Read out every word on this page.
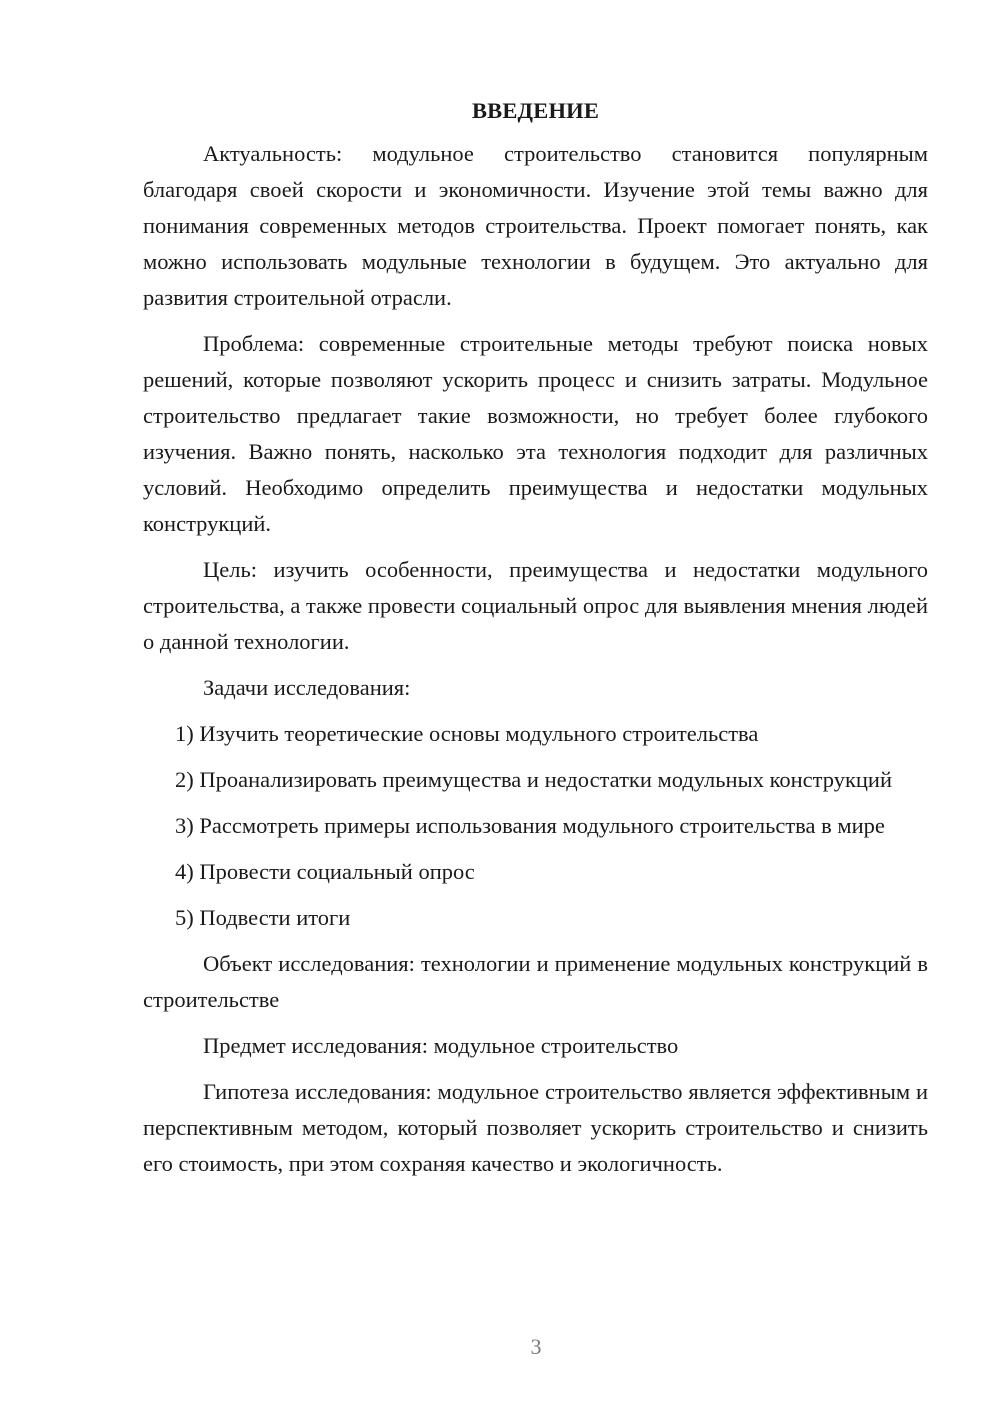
ВВЕДЕНИЕ

Актуальность: модульное строительство становится популярным благодаря своей скорости и экономичности. Изучение этой темы важно для понимания современных методов строительства. Проект помогает понять, как можно использовать модульные технологии в будущем. Это актуально для развития строительной отрасли.

Проблема: современные строительные методы требуют поиска новых решений, которые позволяют ускорить процесс и снизить затраты. Модульное строительство предлагает такие возможности, но требует более глубокого изучения. Важно понять, насколько эта технология подходит для различных условий. Необходимо определить преимущества и недостатки модульных конструкций.

Цель: изучить особенности, преимущества и недостатки модульного строительства, а также провести социальный опрос для выявления мнения людей о данной технологии.

Задачи исследования:

1) Изучить теоретические основы модульного строительства

2) Проанализировать преимущества и недостатки модульных конструкций

3) Рассмотреть примеры использования модульного строительства в мире

4) Провести социальный опрос

5) Подвести итоги

Объект исследования: технологии и применение модульных конструкций в строительстве

Предмет исследования: модульное строительство

Гипотеза исследования: модульное строительство является эффективным и перспективным методом, который позволяет ускорить строительство и снизить его стоимость, при этом сохраняя качество и экологичность.

3
